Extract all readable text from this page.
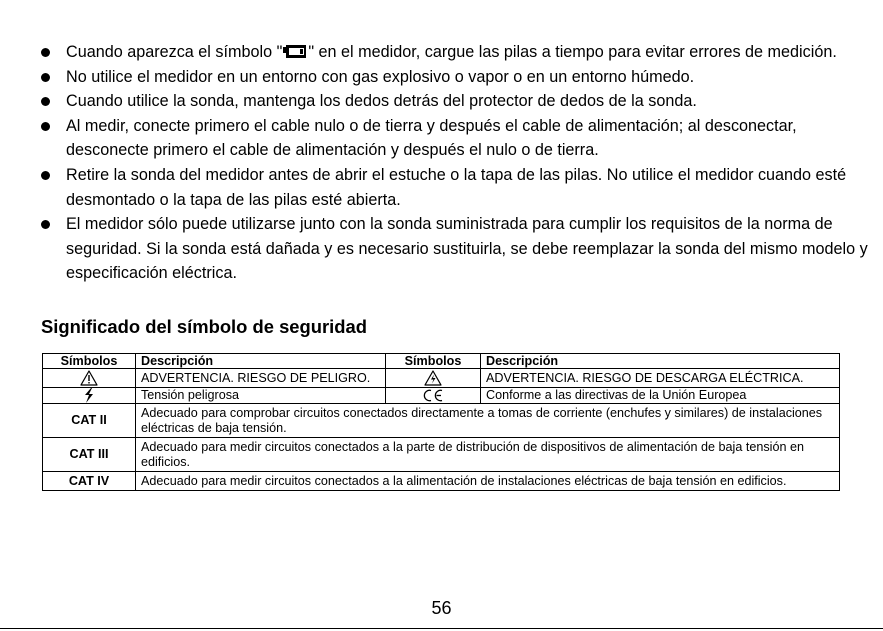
Cuando aparezca el símbolo " " en el medidor, cargue las pilas a tiempo para evitar errores de medición.
No utilice el medidor en un entorno con gas explosivo o vapor o en un entorno húmedo.
Cuando utilice la sonda, mantenga los dedos detrás del protector de dedos de la sonda.
Al medir, conecte primero el cable nulo o de tierra y después el cable de alimentación; al desconectar, desconecte primero el cable de alimentación y después el nulo o de tierra.
Retire la sonda del medidor antes de abrir el estuche o la tapa de las pilas. No utilice el medidor cuando esté desmontado o la tapa de las pilas esté abierta.
El medidor sólo puede utilizarse junto con la sonda suministrada para cumplir los requisitos de la norma de seguridad. Si la sonda está dañada y es necesario sustituirla, se debe reemplazar la sonda del mismo modelo y especificación eléctrica.
Significado del símbolo de seguridad
Símbolos	Descripción	Símbolos	Descripción
	ADVERTENCIA. RIESGO DE PELIGRO.		ADVERTENCIA. RIESGO DE DESCARGA ELÉCTRICA.
	Tensión peligrosa		Conforme a las directivas de la Unión Europea
CAT II	Adecuado para comprobar circuitos conectados directamente a tomas de corriente (enchufes y similares) de instalaciones eléctricas de baja tensión.		
CAT III	Adecuado para medir circuitos conectados a la parte de distribución de dispositivos de alimentación de baja tensión en edificios.		
CAT IV	Adecuado para medir circuitos conectados a la alimentación de instalaciones eléctricas de baja tensión en edificios.		
56
